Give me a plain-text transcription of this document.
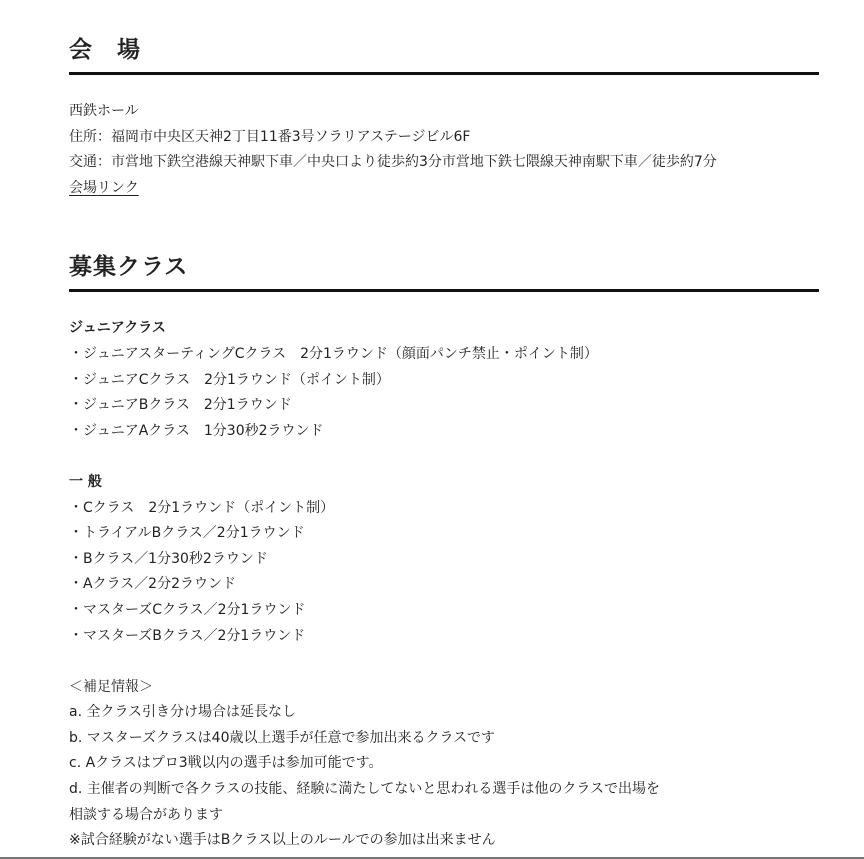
会　場
西鉄ホール
住所：福岡市中央区天神2丁目11番3号ソラリアステージビル6F
交通：市営地下鉄空港線天神駅下車／中央口より徒歩約3分市営地下鉄七隈線天神南駅下車／徒歩約7分
会場リンク
募集クラス
ジュニアクラス
・ジュニアスターティングCクラス　2分1ラウンド（顔面パンチ禁止・ポイント制）
・ジュニアCクラス　2分1ラウンド（ポイント制）
・ジュニアBクラス　2分1ラウンド
・ジュニアAクラス　1分30秒2ラウンド
一 般
・Cクラス　2分1ラウンド（ポイント制）
・トライアルBクラス／2分1ラウンド
・Bクラス／1分30秒2ラウンド
・Aクラス／2分2ラウンド
・マスターズCクラス／2分1ラウンド
・マスターズBクラス／2分1ラウンド
＜補足情報＞
a. 全クラス引き分け場合は延長なし
b. マスターズクラスは40歳以上選手が任意で参加出来るクラスです
c. Aクラスはプロ3戦以内の選手は参加可能です。
d. 主催者の判断で各クラスの技能、経験に満たしてないと思われる選手は他のクラスで出場を
相談する場合があります
※試合経験がない選手はBクラス以上のルールでの参加は出来ません
